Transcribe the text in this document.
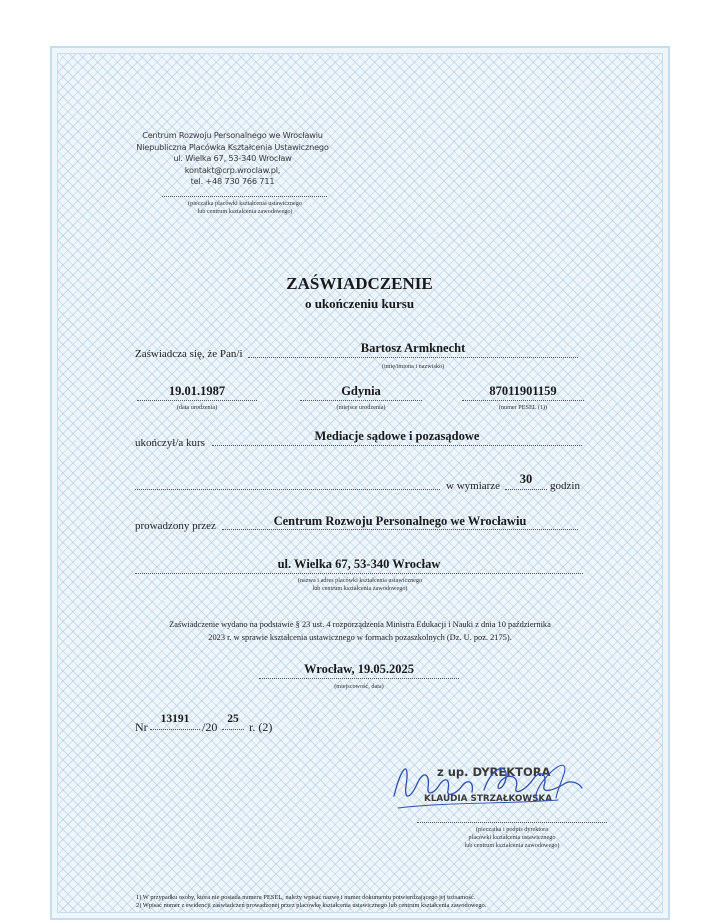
Centrum Rozwoju Personalnego we Wrocławiu
Niepubliczna Placówka Kształcenia Ustawicznego
ul. Wielka 67, 53-340 Wrocław
kontakt@crp.wroclaw.pl,
tel. +48 730 766 711
(pieczątka placówki kształcenia ustawicznego
lub centrum kształcenia zawodowego)
ZAŚWIADCZENIE
o ukończeniu kursu
Zaświadcza się, że Pan/i	Bartosz Armknecht
(imię/imiona i nazwisko)
19.01.1987
(data urodzenia)
Gdynia
(miejsce urodzenia)
87011901159
(numer PESEL (1))
ukończył/a kurs	Mediacje sądowe i pozasądowe
w wymiarze	30	godzin
prowadzony przez	Centrum Rozwoju Personalnego we Wrocławiu
ul. Wielka 67, 53-340 Wrocław
(nazwa i adres placówki kształcenia ustawicznego
lub centrum kształcenia zawodowego)
Zaświadczenie wydano na podstawie § 23 ust. 4 rozporządzenia Ministra Edukacji i Nauki z dnia 10 października
2023 r. w sprawie kształcenia ustawicznego w formach pozaszkolnych (Dz. U. poz. 2175).
Wrocław, 19.05.2025
(miejscowość, data)
Nr
13191
/20
25
r. (2)
z up. DYREKTORA
KLAUDIA STRZAŁKOWSKA
(pieczątka i podpis dyrektora
placówki kształcenia ustawicznego
lub centrum kształcenia zawodowego)
1) W przypadku osoby, która nie posiada numeru PESEL, należy wpisać nazwę i numer dokumentu potwierdzającego jej tożsamość.
2) Wpisać numer z ewidencji zaświadczeń prowadzonej przez placówkę kształcenia ustawicznego lub centrum kształcenia zawodowego.
